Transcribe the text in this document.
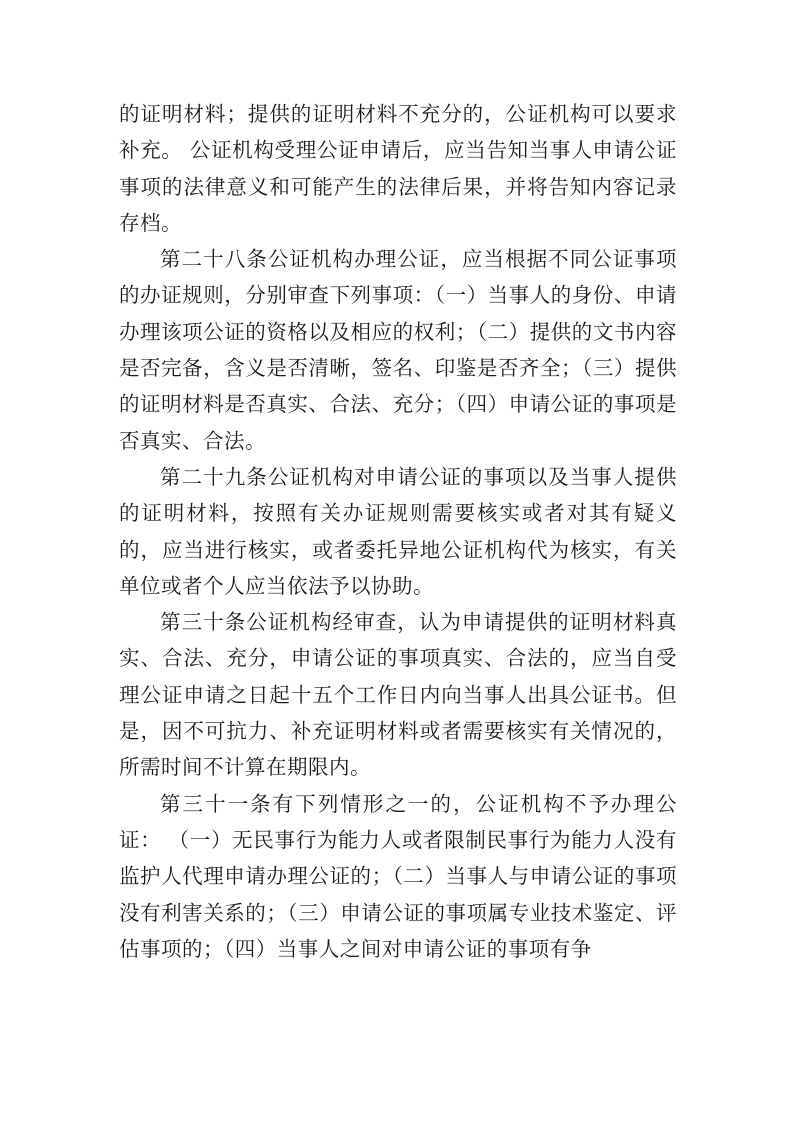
的证明材料；提供的证明材料不充分的，公证机构可以要求补充。 公证机构受理公证申请后，应当告知当事人申请公证事项的法律意义和可能产生的法律后果，并将告知内容记录存档。

第二十八条公证机构办理公证，应当根据不同公证事项的办证规则，分别审查下列事项：（一）当事人的身份、申请办理该项公证的资格以及相应的权利；（二）提供的文书内容是否完备，含义是否清晰，签名、印鉴是否齐全；（三）提供的证明材料是否真实、合法、充分；（四）申请公证的事项是否真实、合法。

第二十九条公证机构对申请公证的事项以及当事人提供的证明材料，按照有关办证规则需要核实或者对其有疑义的，应当进行核实，或者委托异地公证机构代为核实，有关单位或者个人应当依法予以协助。

第三十条公证机构经审查，认为申请提供的证明材料真实、合法、充分，申请公证的事项真实、合法的，应当自受理公证申请之日起十五个工作日内向当事人出具公证书。但是，因不可抗力、补充证明材料或者需要核实有关情况的，所需时间不计算在期限内。

第三十一条有下列情形之一的，公证机构不予办理公证： （一）无民事行为能力人或者限制民事行为能力人没有监护人代理申请办理公证的；（二）当事人与申请公证的事项没有利害关系的；（三）申请公证的事项属专业技术鉴定、评估事项的；（四）当事人之间对申请公证的事项有争
